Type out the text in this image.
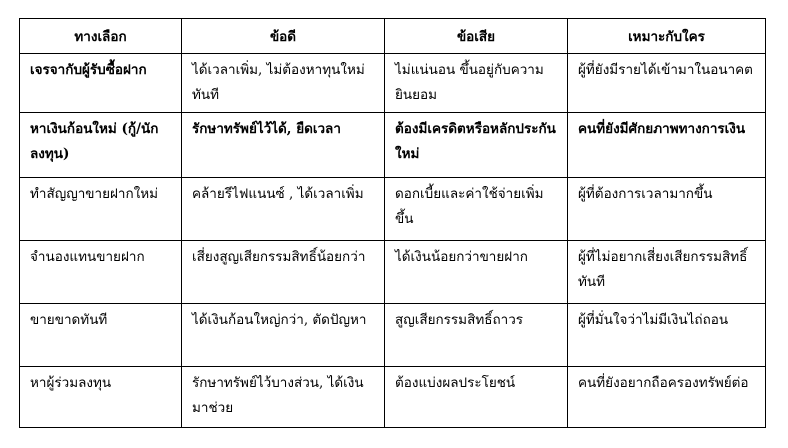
ทางเลือก	ข้อดี	ข้อเสีย	เหมาะกับใคร
เจรจากับผู้รับซื้อฝาก	ได้เวลาเพิ่ม, ไม่ต้องหาทุนใหม่ทันที	ไม่แน่นอน ขึ้นอยู่กับความยินยอม	ผู้ที่ยังมีรายได้เข้ามาในอนาคต
หาเงินก้อนใหม่ (กู้/นักลงทุน)	รักษาทรัพย์ไว้ได้, ยืดเวลา	ต้องมีเครดิตหรือหลักประกันใหม่	คนที่ยังมีศักยภาพทางการเงิน
ทำสัญญาขายฝากใหม่	คล้ายรีไฟแนนซ์ , ได้เวลาเพิ่ม	ดอกเบี้ยและค่าใช้จ่ายเพิ่มขึ้น	ผู้ที่ต้องการเวลามากขึ้น
จำนองแทนขายฝาก	เสี่ยงสูญเสียกรรมสิทธิ์น้อยกว่า	ได้เงินน้อยกว่าขายฝาก	ผู้ที่ไม่อยากเสี่ยงเสียกรรมสิทธิ์ทันที
ขายขาดทันที	ได้เงินก้อนใหญ่กว่า, ตัดปัญหา	สูญเสียกรรมสิทธิ์ถาวร	ผู้ที่มั่นใจว่าไม่มีเงินไถ่ถอน
หาผู้ร่วมลงทุน	รักษาทรัพย์ไว้บางส่วน, ได้เงินมาช่วย	ต้องแบ่งผลประโยชน์	คนที่ยังอยากถือครองทรัพย์ต่อ
